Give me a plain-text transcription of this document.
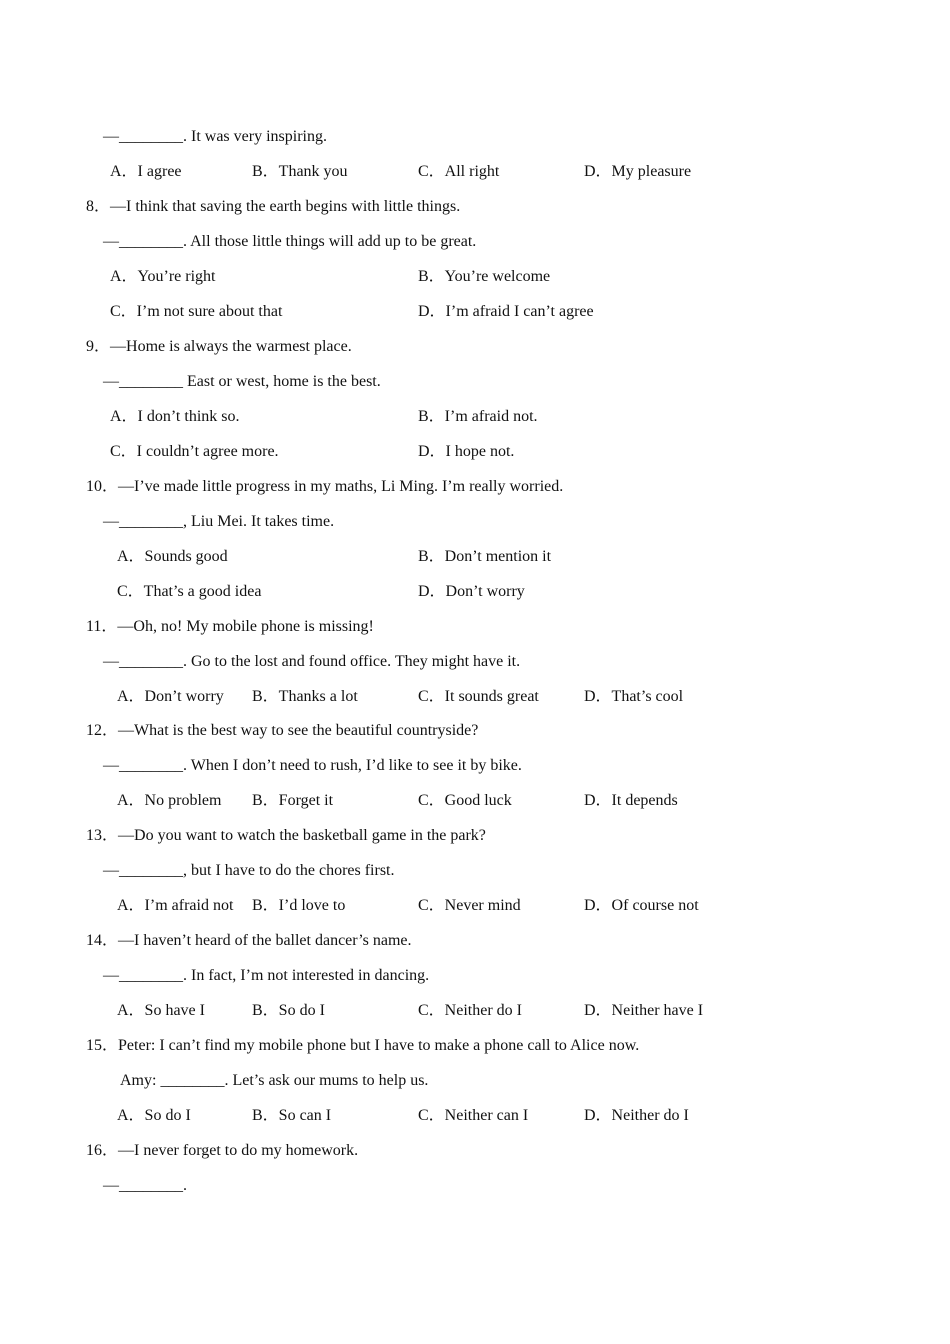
—________. It was very inspiring.
A．I agree	B．Thank you	C．All right	D．My pleasure
8．—I think that saving the earth begins with little things.
—________. All those little things will add up to be great.
A．You’re right	B．You’re welcome
C．I’m not sure about that	D．I’m afraid I can’t agree
9．—Home is always the warmest place.
—________ East or west, home is the best.
A．I don’t think so.	B．I’m afraid not.
C．I couldn’t agree more.	D．I hope not.
10．—I’ve made little progress in my maths, Li Ming. I’m really worried.
—________, Liu Mei. It takes time.
A．Sounds good	B．Don’t mention it
C．That’s a good idea	D．Don’t worry
11．—Oh, no! My mobile phone is missing!
—________. Go to the lost and found office. They might have it.
A．Don’t worry B．Thanks a lot	C．It sounds great	D．That’s cool
12．—What is the best way to see the beautiful countryside?
—________. When I don’t need to rush, I’d like to see it by bike.
A．No problem B．Forget it	C．Good luck	D．It depends
13．—Do you want to watch the basketball game in the park?
—________, but I have to do the chores first.
A．I’m afraid not B．I’d love to	C．Never mind	D．Of course not
14．—I haven’t heard of the ballet dancer’s name.
—________. In fact, I’m not interested in dancing.
A．So have I	B．So do I	C．Neither do I	D．Neither have I
15．Peter: I can’t find my mobile phone but I have to make a phone call to Alice now.
Amy: ________. Let’s ask our mums to help us.
A．So do I	B．So can I	C．Neither can I	D．Neither do I
16．—I never forget to do my homework.
—________.
